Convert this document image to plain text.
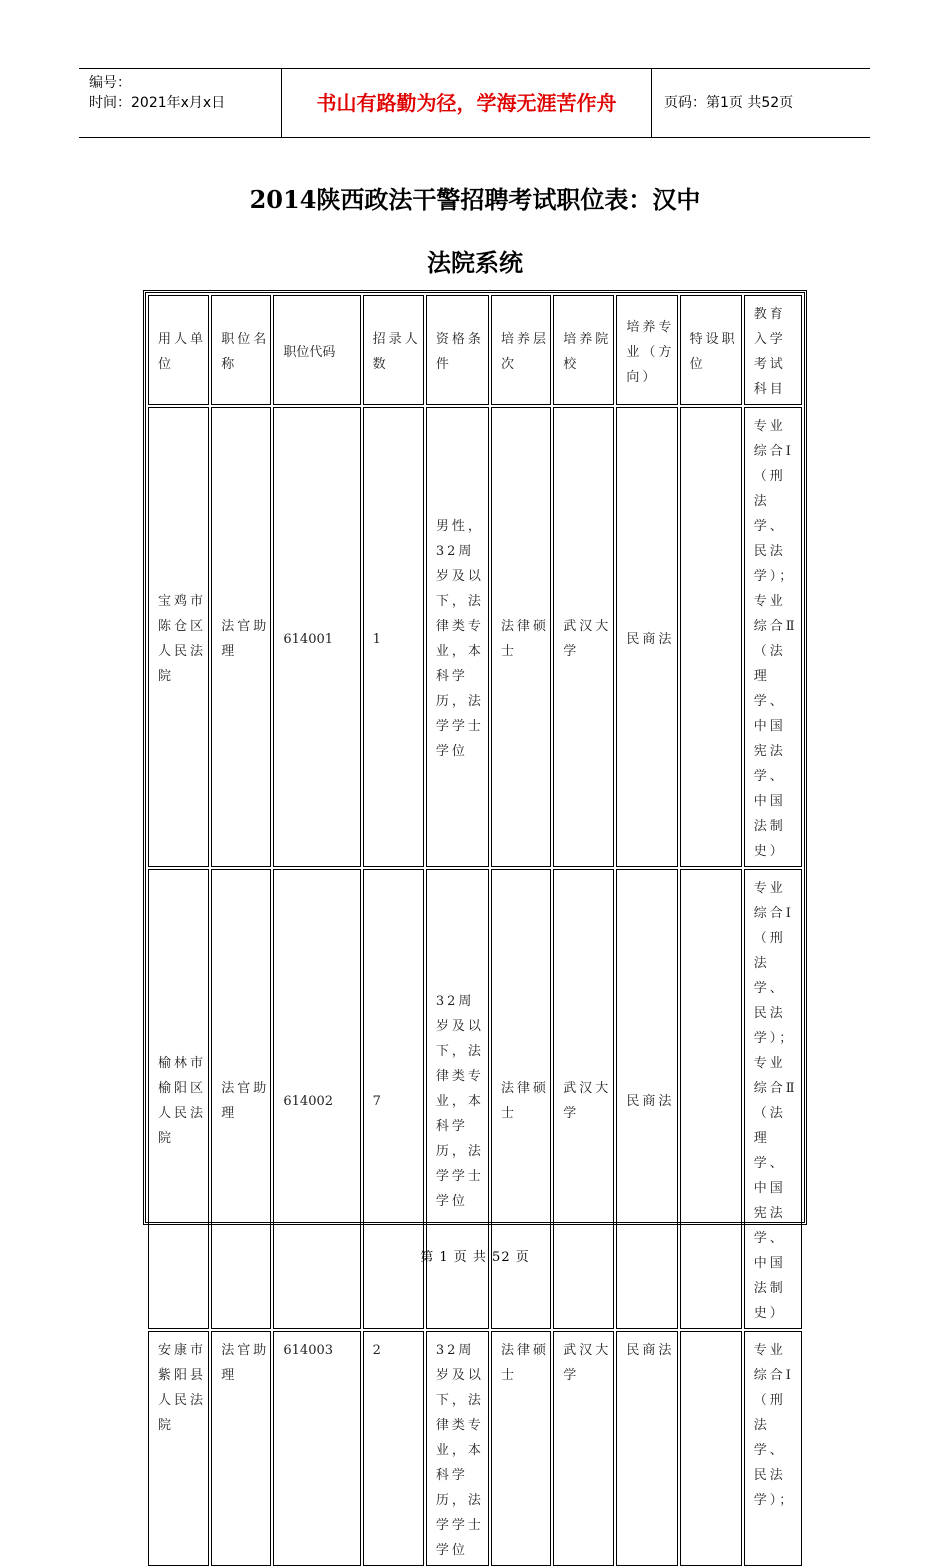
编号：
时间：2021年x月x日	书山有路勤为径，学海无涯苦作舟	页码：第1页 共52页
2014陕西政法干警招聘考试职位表：汉中
法院系统
用人单位	职位名称	职位代码	招录人数	资格条件	培养层次	培养院校	培养专业（方向）	特设职位	教育入学考试科目
宝鸡市陈仓区人民法院	法官助理	614001	1	男性，32周岁及以下，法律类专业，本科学历，法学学士学位	法律硕士	武汉大学	民商法		专业综合Ⅰ（刑法学、民法学）；专业综合Ⅱ（法理学、中国宪法学、中国法制史）
榆林市榆阳区人民法院	法官助理	614002	7	32周岁及以下，法律类专业，本科学历，法学学士学位	法律硕士	武汉大学	民商法		专业综合Ⅰ（刑法学、民法学）；专业综合Ⅱ（法理学、中国宪法学、中国法制史）
安康市紫阳县人民法院	法官助理	614003	2	32周岁及以下，法律类专业，本科学历，法学学士学位	法律硕士	武汉大学	民商法		专业综合Ⅰ（刑法学、民法学）；
第 1 页 共 52 页
